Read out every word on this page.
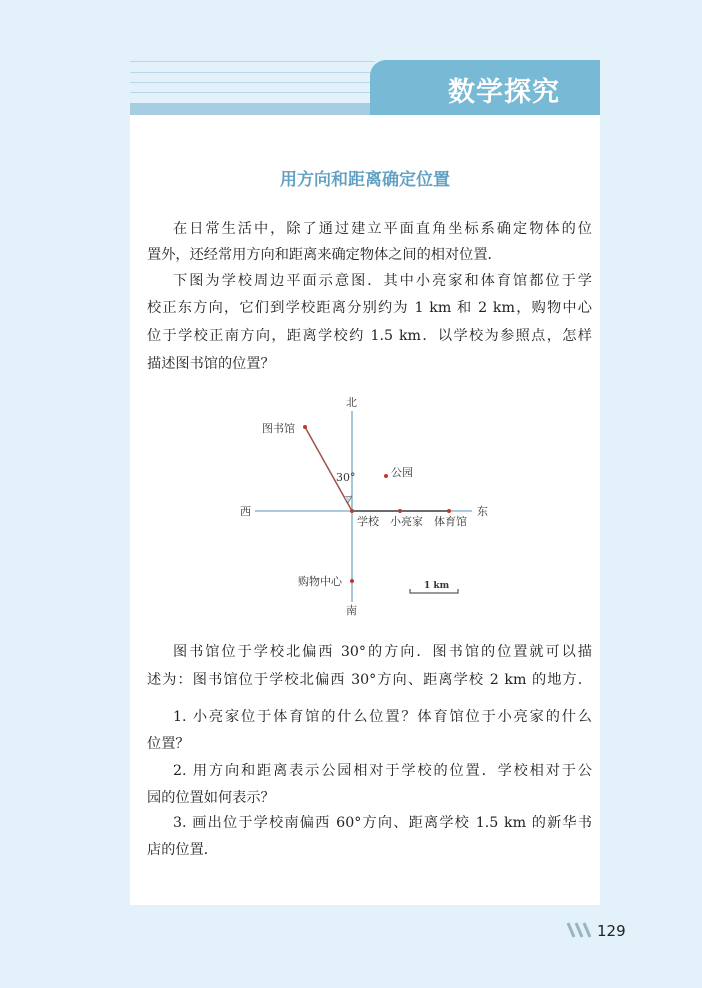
数学探究
用方向和距离确定位置
在日常生活中，除了通过建立平面直角坐标系确定物体的位
置外，还经常用方向和距离来确定物体之间的相对位置．
下图为学校周边平面示意图．其中小亮家和体育馆都位于学
校正东方向，它们到学校距离分别约为 1 km 和 2 km，购物中心
位于学校正南方向，距离学校约 1.5 km．以学校为参照点，怎样
描述图书馆的位置？
图书馆位于学校北偏西 30°的方向．图书馆的位置就可以描
述为：图书馆位于学校北偏西 30°方向、距离学校 2 km 的地方．
1. 小亮家位于体育馆的什么位置？体育馆位于小亮家的什么
位置？
2. 用方向和距离表示公园相对于学校的位置．学校相对于公
园的位置如何表示？
3. 画出位于学校南偏西 60°方向、距离学校 1.5 km 的新华书
店的位置．
北
南
西	东
图书馆
公园
30°
学校 小亮家 体育馆
购物中心	1 km
129
